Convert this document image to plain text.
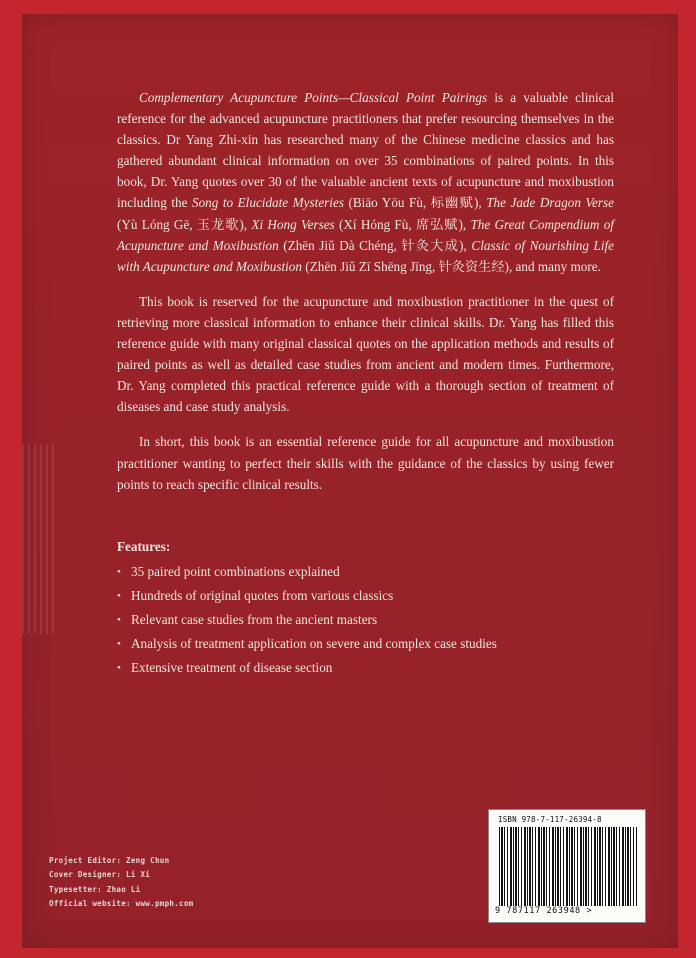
Complementary Acupuncture Points—Classical Point Pairings is a valuable clinical reference for the advanced acupuncture practitioners that prefer resourcing themselves in the classics. Dr Yang Zhi-xin has researched many of the Chinese medicine classics and has gathered abundant clinical information on over 35 combinations of paired points. In this book, Dr. Yang quotes over 30 of the valuable ancient texts of acupuncture and moxibustion including the Song to Elucidate Mysteries (Biāo Yōu Fù, 标幽赋), The Jade Dragon Verse (Yù Lóng Gē, 玉龙歌), Xi Hong Verses (Xí Hóng Fù, 席弘赋), The Great Compendium of Acupuncture and Moxibustion (Zhēn Jiǔ Dà Chéng, 针灸大成), Classic of Nourishing Life with Acupuncture and Moxibustion (Zhēn Jiǔ Zī Shēng Jīng, 针灸资生经), and many more.

This book is reserved for the acupuncture and moxibustion practitioner in the quest of retrieving more classical information to enhance their clinical skills. Dr. Yang has filled this reference guide with many original classical quotes on the application methods and results of paired points as well as detailed case studies from ancient and modern times. Furthermore, Dr. Yang completed this practical reference guide with a thorough section of treatment of diseases and case study analysis.

In short, this book is an essential reference guide for all acupuncture and moxibustion practitioner wanting to perfect their skills with the guidance of the classics by using fewer points to reach specific clinical results.

Features:
• 35 paired point combinations explained
• Hundreds of original quotes from various classics
• Relevant case studies from the ancient masters
• Analysis of treatment application on severe and complex case studies
• Extensive treatment of disease section
Project Editor: Zeng Chun
Cover Designer: Li Xi
Typesetter: Zhao Li
Official website: www.pmph.com
ISBN 978-7-117-26394-8
9 787117 263948 >
